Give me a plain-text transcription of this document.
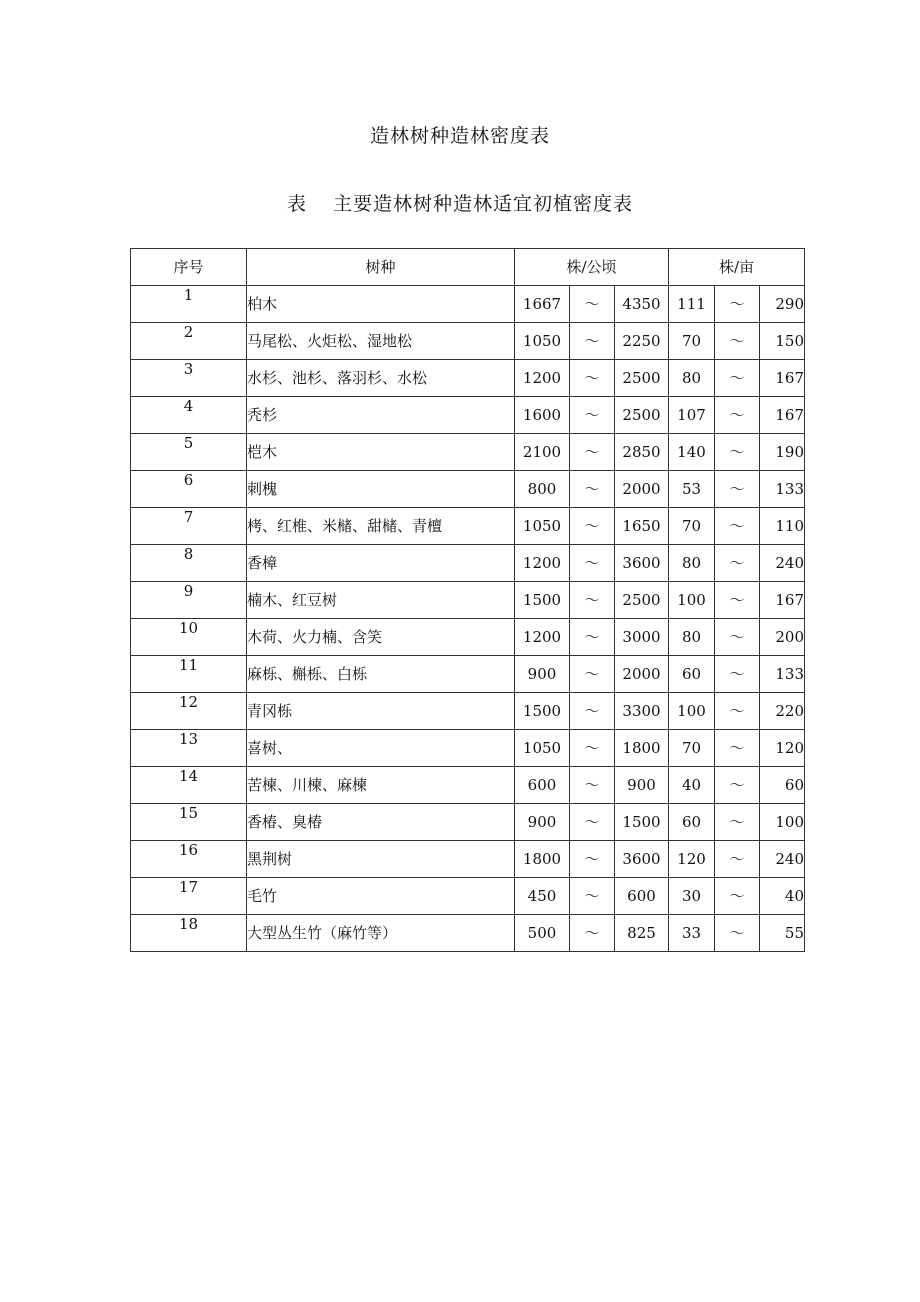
造林树种造林密度表
表 主要造林树种造林适宜初植密度表
序号	树种	株/公顷			株/亩		
1	柏木	1667	～	4350	111	～	290
2	马尾松、火炬松、湿地松	1050	～	2250	70	～	150
3	水杉、池杉、落羽杉、水松	1200	～	2500	80	～	167
4	秃杉	1600	～	2500	107	～	167
5	桤木	2100	～	2850	140	～	190
6	刺槐	800	～	2000	53	～	133
7	栲、红椎、米槠、甜槠、青檀	1050	～	1650	70	～	110
8	香樟	1200	～	3600	80	～	240
9	楠木、红豆树	1500	～	2500	100	～	167
10	木荷、火力楠、含笑	1200	～	3000	80	～	200
11	麻栎、槲栎、白栎	900	～	2000	60	～	133
12	青冈栎	1500	～	3300	100	～	220
13	喜树、	1050	～	1800	70	～	120
14	苦楝、川楝、麻楝	600	～	900	40	～	60
15	香椿、臭椿	900	～	1500	60	～	100
16	黑荆树	1800	～	3600	120	～	240
17	毛竹	450	～	600	30	～	40
18	大型丛生竹（麻竹等）	500	～	825	33	～	55
